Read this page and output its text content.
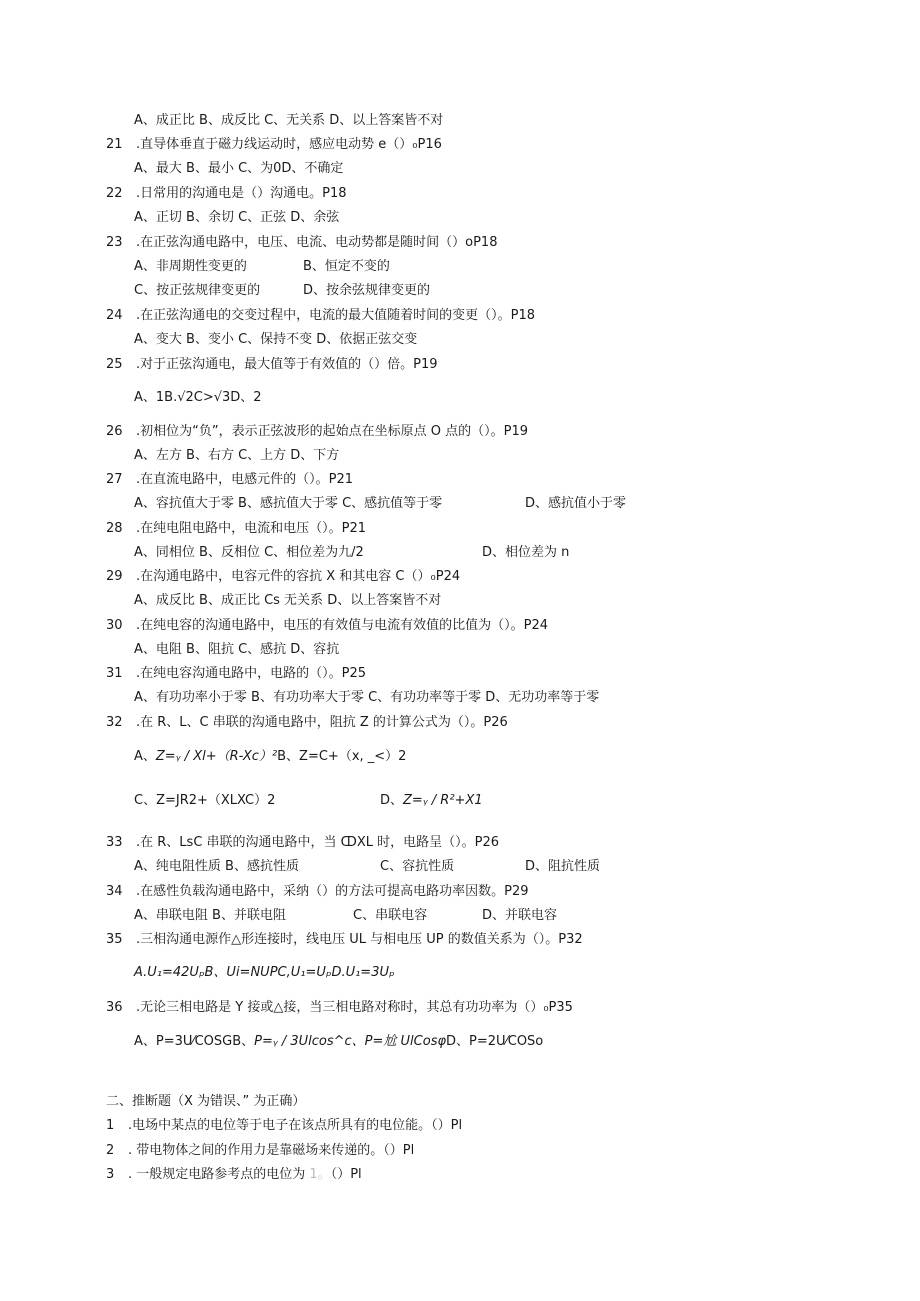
A、成正比 B、成反比 C、无关系 D、以上答案皆不对
21	.直导体垂直于磁力线运动时，感应电动势 e（）₀P16
A、最大 B、最小 C、为0D、不确定
22	.日常用的沟通电是（）沟通电。P18
A、正切 B、余切 C、正弦 D、余弦
23	.在正弦沟通电路中，电压、电流、电动势都是随时间（）oP18
A、非周期性变更的	B、恒定不变的
C、按正弦规律变更的	D、按余弦规律变更的
24	.在正弦沟通电的交变过程中，电流的最大值随着时间的变更（）。P18
A、变大 B、变小 C、保持不变 D、依据正弦交变
25	.对于正弦沟通电，最大值等于有效值的（）倍。P19
A、1B.√2C>√3D、2
26	.初相位为“负”，表示正弦波形的起始点在坐标原点 O 点的（）。P19
A、左方 B、右方 C、上方 D、下方
27	.在直流电路中，电感元件的（）。P21
A、容抗值大于零 B、感抗值大于零 C、感抗值等于零	D、感抗值小于零
28	.在纯电阻电路中，电流和电压（）。P21
A、同相位 B、反相位 C、相位差为九/2	D、相位差为 n
29	.在沟通电路中，电容元件的容抗 X 和其电容 C（）₀P24
A、成反比 B、成正比 Cs 无关系 D、以上答案皆不对
30	.在纯电容的沟通电路中，电压的有效值与电流有效值的比值为（）。P24
A、电阻 B、阻抗 C、感抗 D、容抗
31	.在纯电容沟通电路中，电路的（）。P25
A、有功功率小于零 B、有功功率大于零 C、有功功率等于零 D、无功功率等于零
32	.在 R、L、C 串联的沟通电路中，阻抗 Z 的计算公式为（）。P26
A、Z=ᵧ / Xl+（R-Xᴄ）²B、Z=C+（x, _<）2
C、Z=JR2+（XLXC）2	D、Z=ᵧ / R²+X1
33	.在 R、LsC 串联的沟通电路中，当 ↀXL 时，电路呈（）。P26
A、纯电阻性质 B、感抗性质	C、容抗性质	D、阻抗性质
34	.在感性负载沟通电路中，采纳（）的方法可提高电路功率因数。P29
A、串联电阻 B、并联电阻	C、串联电容	D、并联电容
35	.三相沟通电源作△形连接时，线电压 UL 与相电压 UP 的数值关系为（）。P32
A.U₁=42UₚB、Ui=NUPC,U₁=UₚD.U₁=3Uₚ
36	.无论三相电路是 Y 接或△接，当三相电路对称时，其总有功功率为（）₀P35
A、P=3U⁄COSGB、P=ᵧ / 3Ulcos^c、P=尬 UlCosφD、P=2U⁄COSo
二、推断题（X 为错误、” 为正确）
1 .电场中某点的电位等于电子在该点所具有的电位能。（）Pl
2 . 带电物体之间的作用力是靠磁场来传递的。（）Pl
3 . 一般规定电路参考点的电位为 1。（）Pl
